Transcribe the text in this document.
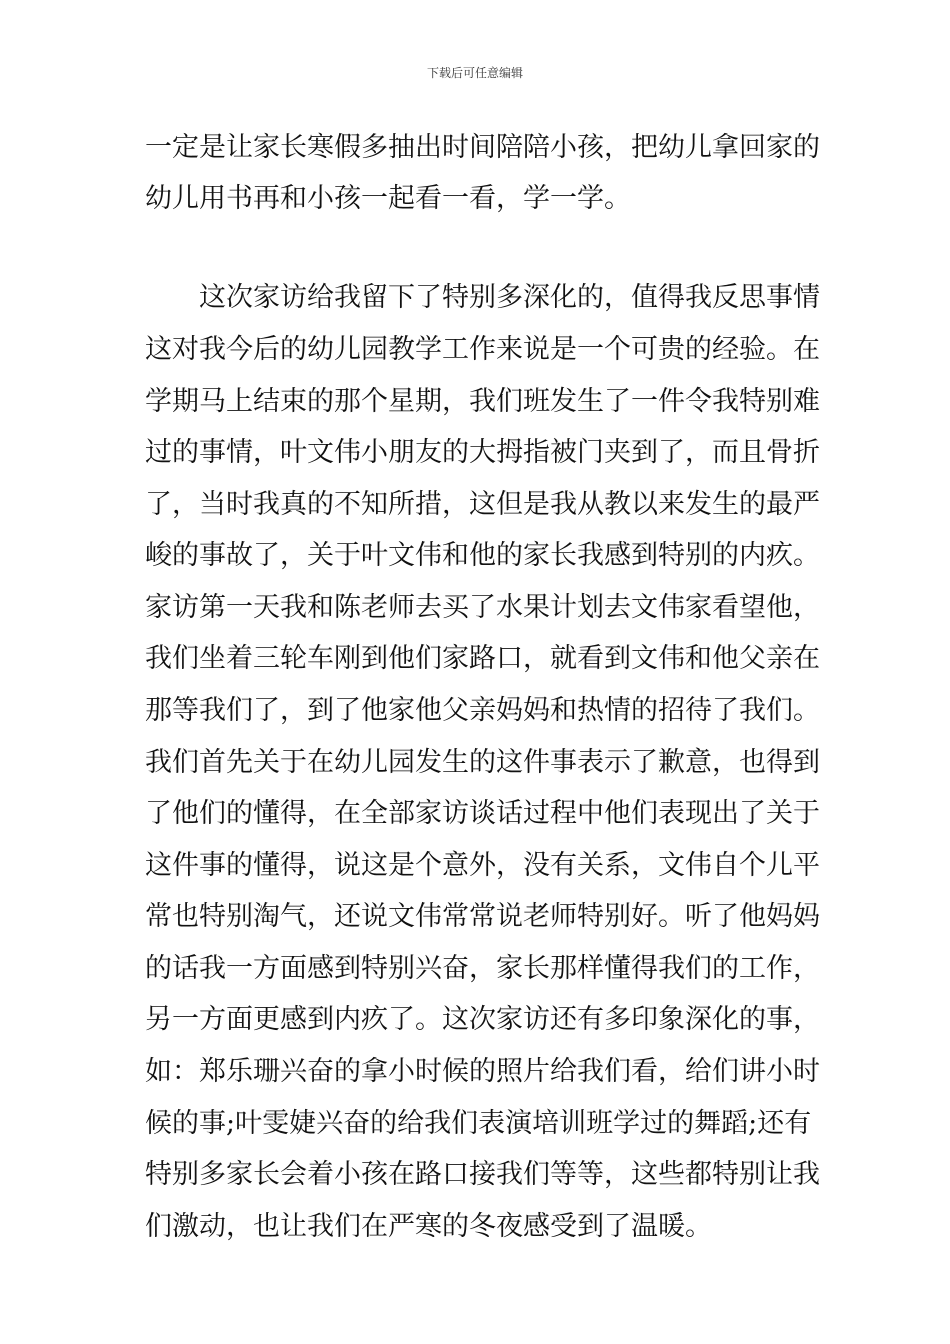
下载后可任意编辑
一定是让家长寒假多抽出时间陪陪小孩，把幼儿拿回家的
幼儿用书再和小孩一起看一看，学一学。
　　这次家访给我留下了特别多深化的，值得我反思事情
这对我今后的幼儿园教学工作来说是一个可贵的经验。在
学期马上结束的那个星期，我们班发生了一件令我特别难
过的事情，叶文伟小朋友的大拇指被门夹到了，而且骨折
了，当时我真的不知所措，这但是我从教以来发生的最严
峻的事故了，关于叶文伟和他的家长我感到特别的内疚。
家访第一天我和陈老师去买了水果计划去文伟家看望他，
我们坐着三轮车刚到他们家路口，就看到文伟和他父亲在
那等我们了，到了他家他父亲妈妈和热情的招待了我们。
我们首先关于在幼儿园发生的这件事表示了歉意，也得到
了他们的懂得，在全部家访谈话过程中他们表现出了关于
这件事的懂得，说这是个意外，没有关系，文伟自个儿平
常也特别淘气，还说文伟常常说老师特别好。听了他妈妈
的话我一方面感到特别兴奋，家长那样懂得我们的工作，
另一方面更感到内疚了。这次家访还有多印象深化的事，
如：郑乐珊兴奋的拿小时候的照片给我们看，给们讲小时
候的事;叶雯婕兴奋的给我们表演培训班学过的舞蹈;还有
特别多家长会着小孩在路口接我们等等，这些都特别让我
们激动，也让我们在严寒的冬夜感受到了温暖。
